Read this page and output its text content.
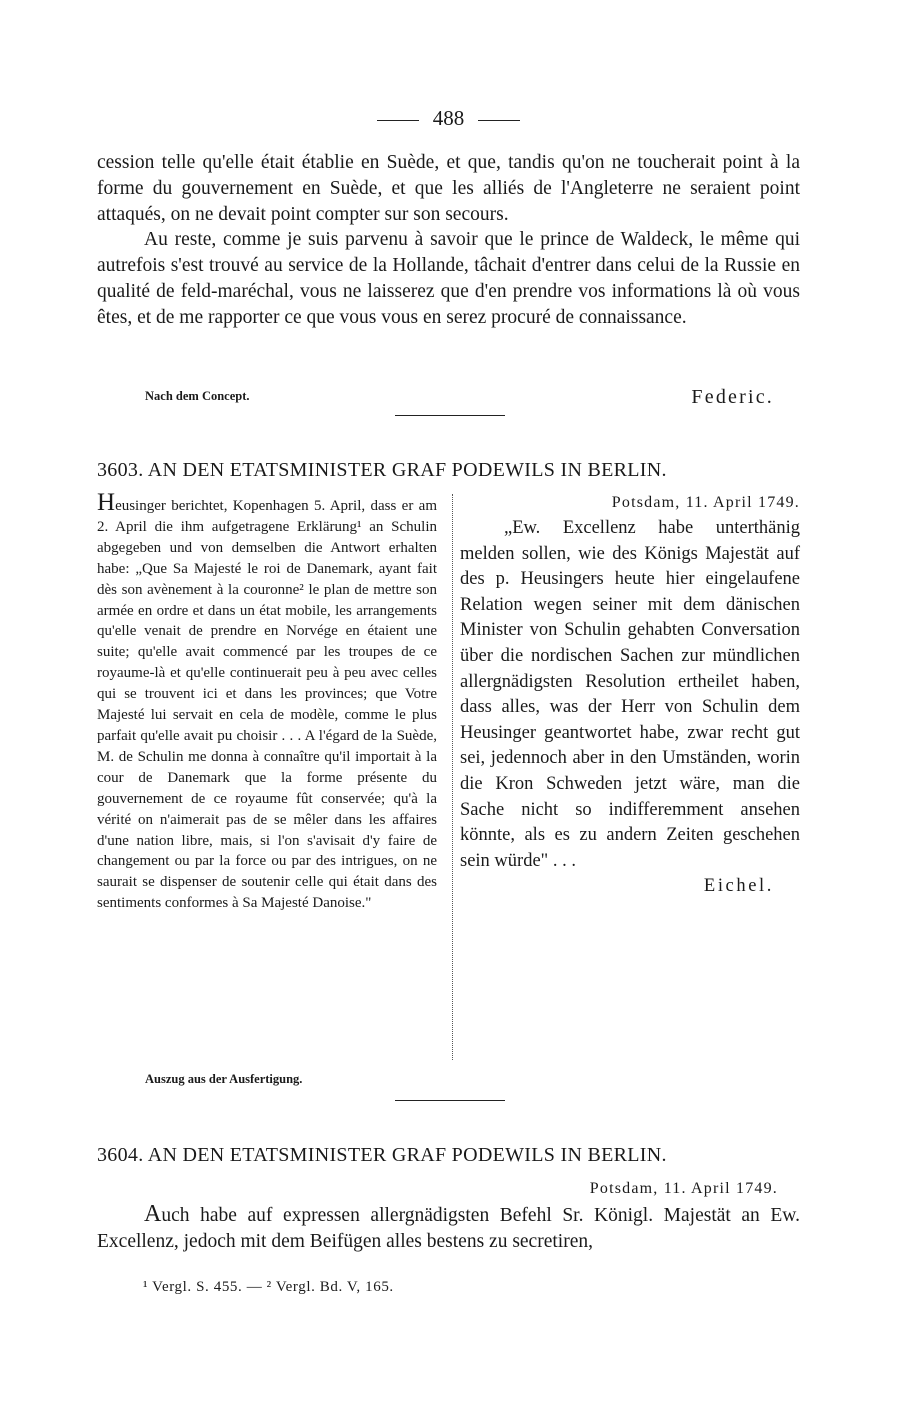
488

cession telle qu'elle était établie en Suède, et que, tandis qu'on ne toucherait point à la forme du gouvernement en Suède, et que les alliés de l'Angleterre ne seraient point attaqués, on ne devait point compter sur son secours.

Au reste, comme je suis parvenu à savoir que le prince de Waldeck, le même qui autrefois s'est trouvé au service de la Hollande, tâchait d'entrer dans celui de la Russie en qualité de feld-maréchal, vous ne laisserez que d'en prendre vos informations là où vous êtes, et de me rapporter ce que vous vous en serez procuré de connaissance.

Nach dem Concept.	Federic.
3603. AN DEN ETATSMINISTER GRAF PODEWILS IN BERLIN.
Heusinger berichtet, Kopenhagen 5. April, dass er am 2. April die ihm aufgetragene Erklärung¹ an Schulin abgegeben und von demselben die Antwort erhalten habe: „Que Sa Majesté le roi de Danemark, ayant fait dès son avènement à la couronne² le plan de mettre son armée en ordre et dans un état mobile, les arrangements qu'elle venait de prendre en Norvége en étaient une suite; qu'elle avait commencé par les troupes de ce royaume-là et qu'elle continuerait peu à peu avec celles qui se trouvent ici et dans les provinces; que Votre Majesté lui servait en cela de modèle, comme le plus parfait qu'elle avait pu choisir . . . A l'égard de la Suède, M. de Schulin me donna à connaître qu'il importait à la cour de Danemark que la forme présente du gouvernement de ce royaume fût conservée; qu'à la vérité on n'aimerait pas de se mêler dans les affaires d'une nation libre, mais, si l'on s'avisait d'y faire de changement ou par la force ou par des intrigues, on ne saurait se dispenser de soutenir celle qui était dans des sentiments conformes à Sa Majesté Danoise."
Potsdam, 11. April 1749.
„Ew. Excellenz habe unterthänig melden sollen, wie des Königs Majestät auf des p. Heusingers heute hier eingelaufene Relation wegen seiner mit dem dänischen Minister von Schulin gehabten Conversation über die nordischen Sachen zur mündlichen allergnädigsten Resolution ertheilet haben, dass alles, was der Herr von Schulin dem Heusinger geantwortet habe, zwar recht gut sei, jedennoch aber in den Umständen, worin die Kron Schweden jetzt wäre, man die Sache nicht so indifferemment ansehen könnte, als es zu andern Zeiten geschehen sein würde" . . .
Eichel.
Auszug aus der Ausfertigung.
3604. AN DEN ETATSMINISTER GRAF PODEWILS IN BERLIN.
Potsdam, 11. April 1749.

Auch habe auf expressen allergnädigsten Befehl Sr. Königl. Majestät an Ew. Excellenz, jedoch mit dem Beifügen alles bestens zu secretiren,

¹ Vergl. S. 455. — ² Vergl. Bd. V, 165.
